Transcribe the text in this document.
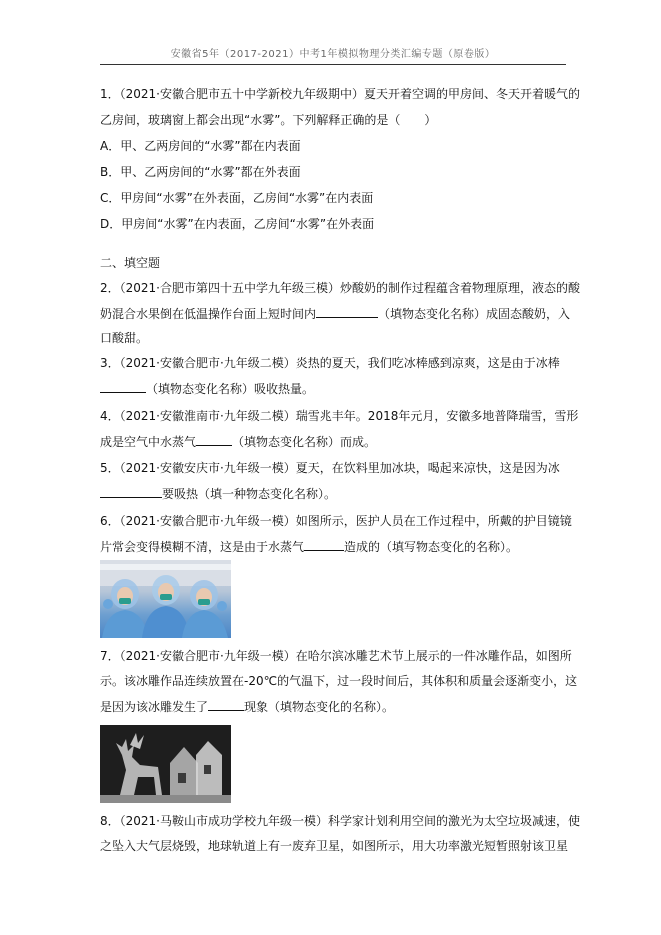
安徽省5年（2017-2021）中考1年模拟物理分类汇编专题（原卷版）
1．（2021·安徽合肥市五十中学新校九年级期中）夏天开着空调的甲房间、冬天开着暖气的
乙房间，玻璃窗上都会出现“水雾”。下列解释正确的是（　　）
A．甲、乙两房间的“水雾”都在内表面
B．甲、乙两房间的“水雾”都在外表面
C．甲房间“水雾”在外表面，乙房间“水雾”在内表面
D．甲房间“水雾”在内表面，乙房间“水雾”在外表面
二、填空题
2．（2021·合肥市第四十五中学九年级三模）炒酸奶的制作过程蕴含着物理原理，液态的酸
奶混合水果倒在低温操作台面上短时间内	（填物态变化名称）成固态酸奶，入
口酸甜。
3．（2021·安徽合肥市·九年级二模）炎热的夏天，我们吃冰棒感到凉爽，这是由于冰棒
（填物态变化名称）吸收热量。
4．（2021·安徽淮南市·九年级二模）瑞雪兆丰年。2018年元月，安徽多地普降瑞雪，雪形
成是空气中水蒸气	（填物态变化名称）而成。
5．（2021·安徽安庆市·九年级一模）夏天，在饮料里加冰块，喝起来凉快，这是因为冰
要吸热（填一种物态变化名称）。
6．（2021·安徽合肥市·九年级一模）如图所示，医护人员在工作过程中，所戴的护目镜镜
片常会变得模糊不清，这是由于水蒸气	造成的（填写物态变化的名称）。
7．（2021·安徽合肥市·九年级一模）在哈尔滨冰雕艺术节上展示的一件冰雕作品，如图所
示。该冰雕作品连续放置在-20℃的气温下，过一段时间后，其体积和质量会逐渐变小，这
是因为该冰雕发生了	现象（填物态变化的名称）。
8．（2021·马鞍山市成功学校九年级一模）科学家计划利用空间的激光为太空垃圾减速，使
之坠入大气层烧毁，地球轨道上有一废弃卫星，如图所示，用大功率激光短暂照射该卫星
